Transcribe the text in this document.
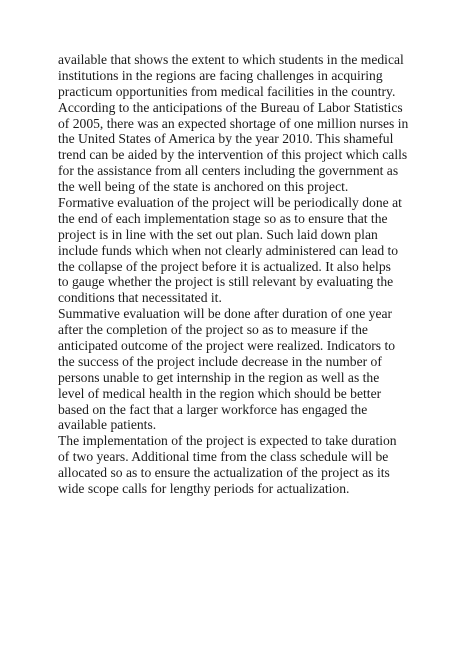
available that shows the extent to which students in the medical
institutions in the regions are facing challenges in acquiring
practicum opportunities from medical facilities in the country.
According to the anticipations of the Bureau of Labor Statistics
of 2005, there was an expected shortage of one million nurses in
the United States of America by the year 2010. This shameful
trend can be aided by the intervention of this project which calls
for the assistance from all centers including the government as
the well being of the state is anchored on this project.
Formative evaluation of the project will be periodically done at
the end of each implementation stage so as to ensure that the
project is in line with the set out plan. Such laid down plan
include funds which when not clearly administered can lead to
the collapse of the project before it is actualized. It also helps
to gauge whether the project is still relevant by evaluating the
conditions that necessitated it.
Summative evaluation will be done after duration of one year
after the completion of the project so as to measure if the
anticipated outcome of the project were realized. Indicators to
the success of the project include decrease in the number of
persons unable to get internship in the region as well as the
level of medical health in the region which should be better
based on the fact that a larger workforce has engaged the
available patients.
The implementation of the project is expected to take duration
of two years. Additional time from the class schedule will be
allocated so as to ensure the actualization of the project as its
wide scope calls for lengthy periods for actualization.
